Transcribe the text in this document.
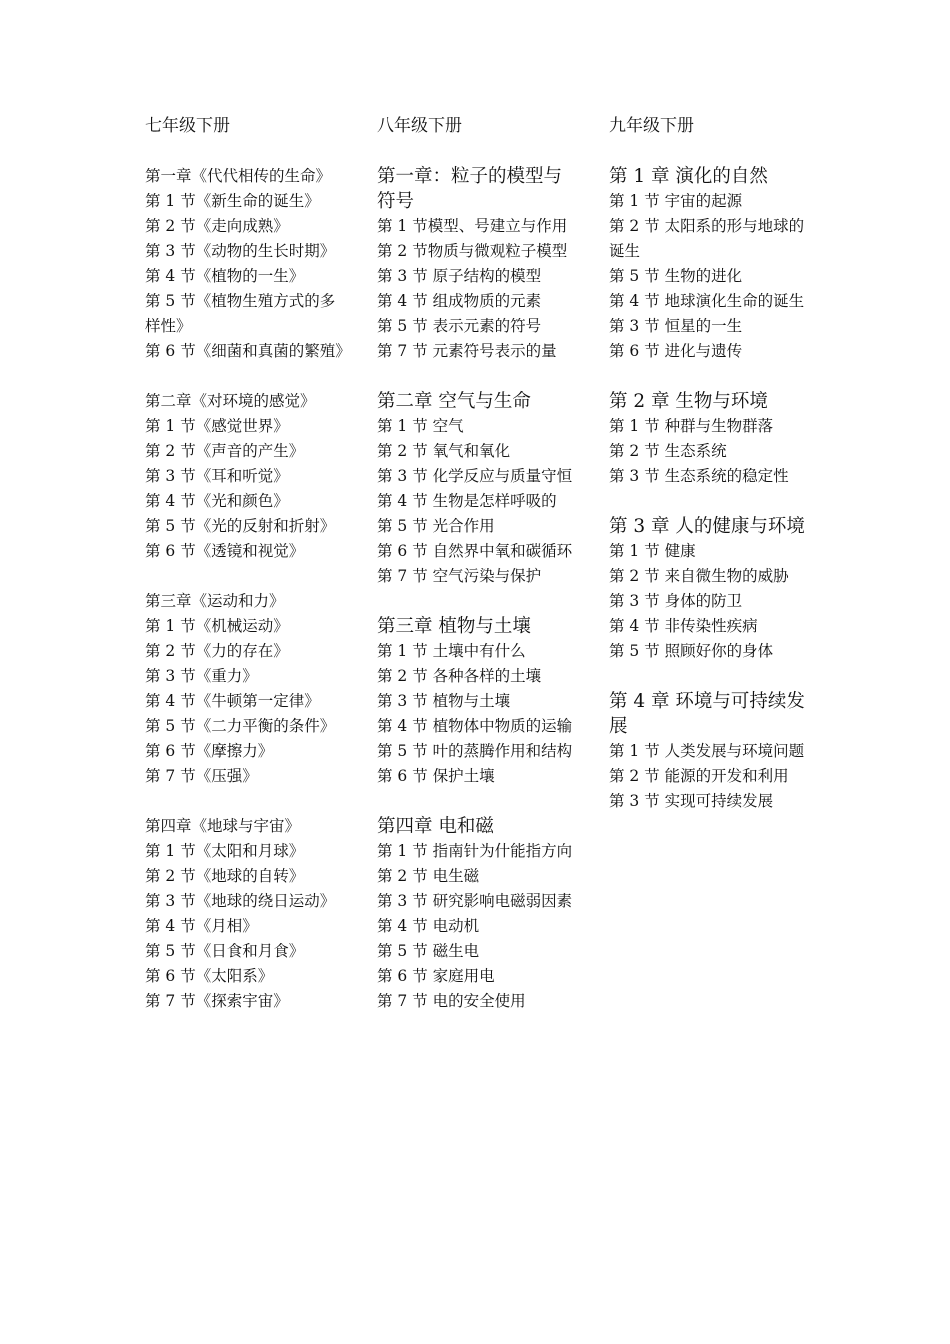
七年级下册
第一章《代代相传的生命》
第 1 节《新生命的诞生》
第 2 节《走向成熟》
第 3 节《动物的生长时期》
第 4 节《植物的一生》
第 5 节《植物生殖方式的多样性》
第 6 节《细菌和真菌的繁殖》
第二章《对环境的感觉》
第 1 节《感觉世界》
第 2 节《声音的产生》
第 3 节《耳和听觉》
第 4 节《光和颜色》
第 5 节《光的反射和折射》
第 6 节《透镜和视觉》
第三章《运动和力》
第 1 节《机械运动》
第 2 节《力的存在》
第 3 节《重力》
第 4 节《牛顿第一定律》
第 5 节《二力平衡的条件》
第 6 节《摩擦力》
第 7 节《压强》
第四章《地球与宇宙》
第 1 节《太阳和月球》
第 2 节《地球的自转》
第 3 节《地球的绕日运动》
第 4 节《月相》
第 5 节《日食和月食》
第 6 节《太阳系》
第 7 节《探索宇宙》
八年级下册
第一章：粒子的模型与符号
第 1 节模型、号建立与作用
第 2 节物质与微观粒子模型
第 3 节 原子结构的模型
第 4 节 组成物质的元素
第 5 节 表示元素的符号
第 7 节 元素符号表示的量
第二章 空气与生命
第 1 节 空气
第 2 节 氧气和氧化
第 3 节 化学反应与质量守恒
第 4 节 生物是怎样呼吸的
第 5 节 光合作用
第 6 节 自然界中氧和碳循环
第 7 节 空气污染与保护
第三章 植物与土壤
第 1 节 土壤中有什么
第 2 节 各种各样的土壤
第 3 节 植物与土壤
第 4 节 植物体中物质的运输
第 5 节 叶的蒸腾作用和结构
第 6 节 保护土壤
第四章 电和磁
第 1 节 指南针为什能指方向
第 2 节 电生磁
第 3 节 研究影响电磁弱因素
第 4 节 电动机
第 5 节 磁生电
第 6 节 家庭用电
第 7 节 电的安全使用
九年级下册
第 1 章 演化的自然
第 1 节 宇宙的起源
第 2 节 太阳系的形与地球的诞生
第 5 节 生物的进化
第 4 节 地球演化生命的诞生
第 3 节 恒星的一生
第 6 节 进化与遗传
第 2 章 生物与环境
第 1 节 种群与生物群落
第 2 节 生态系统
第 3 节 生态系统的稳定性
第 3 章 人的健康与环境
第 1 节 健康
第 2 节 来自微生物的威胁
第 3 节 身体的防卫
第 4 节 非传染性疾病
第 5 节 照顾好你的身体
第 4 章 环境与可持续发展
第 1 节 人类发展与环境问题
第 2 节 能源的开发和利用
第 3 节 实现可持续发展
